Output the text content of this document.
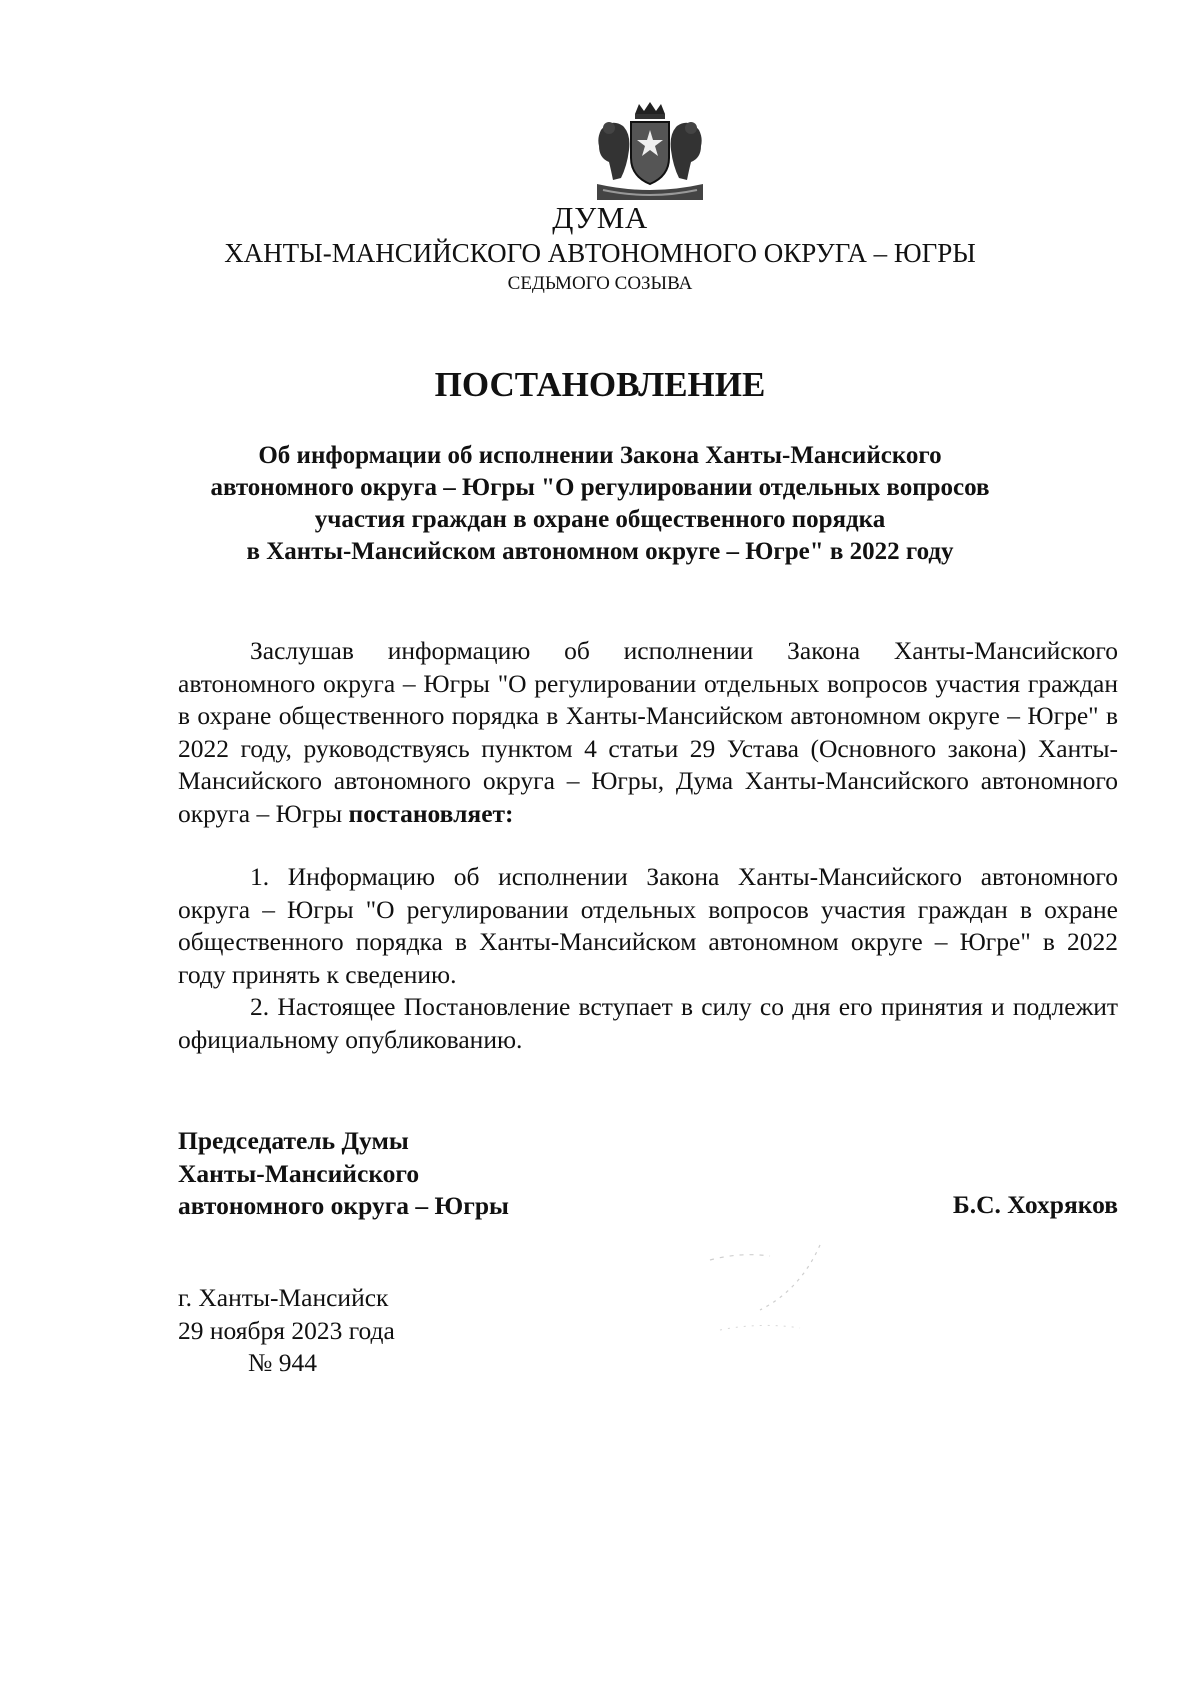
ДУМА
ХАНТЫ-МАНСИЙСКОГО АВТОНОМНОГО ОКРУГА – ЮГРЫ
СЕДЬМОГО СОЗЫВА
ПОСТАНОВЛЕНИЕ
Об информации об исполнении Закона Ханты-Мансийского
автономного округа – Югры "О регулировании отдельных вопросов
участия граждан в охране общественного порядка
в Ханты-Мансийском автономном округе – Югре" в 2022 году

Заслушав информацию об исполнении Закона Ханты-Мансийского автономного округа – Югры "О регулировании отдельных вопросов участия граждан в охране общественного порядка в Ханты-Мансийском автономном округе – Югре" в 2022 году, руководствуясь пунктом 4 статьи 29 Устава (Основного закона) Ханты-Мансийского автономного округа – Югры, Дума Ханты-Мансийского автономного округа – Югры постановляет:

1. Информацию об исполнении Закона Ханты-Мансийского автономного округа – Югры "О регулировании отдельных вопросов участия граждан в охране общественного порядка в Ханты-Мансийском автономном округе – Югре" в 2022 году принять к сведению.

2. Настоящее Постановление вступает в силу со дня его принятия и подлежит официальному опубликованию.

Председатель Думы
Ханты-Мансийского
автономного округа – Югры	Б.С. Хохряков
г. Ханты-Мансийск
29 ноября 2023 года
№ 944
